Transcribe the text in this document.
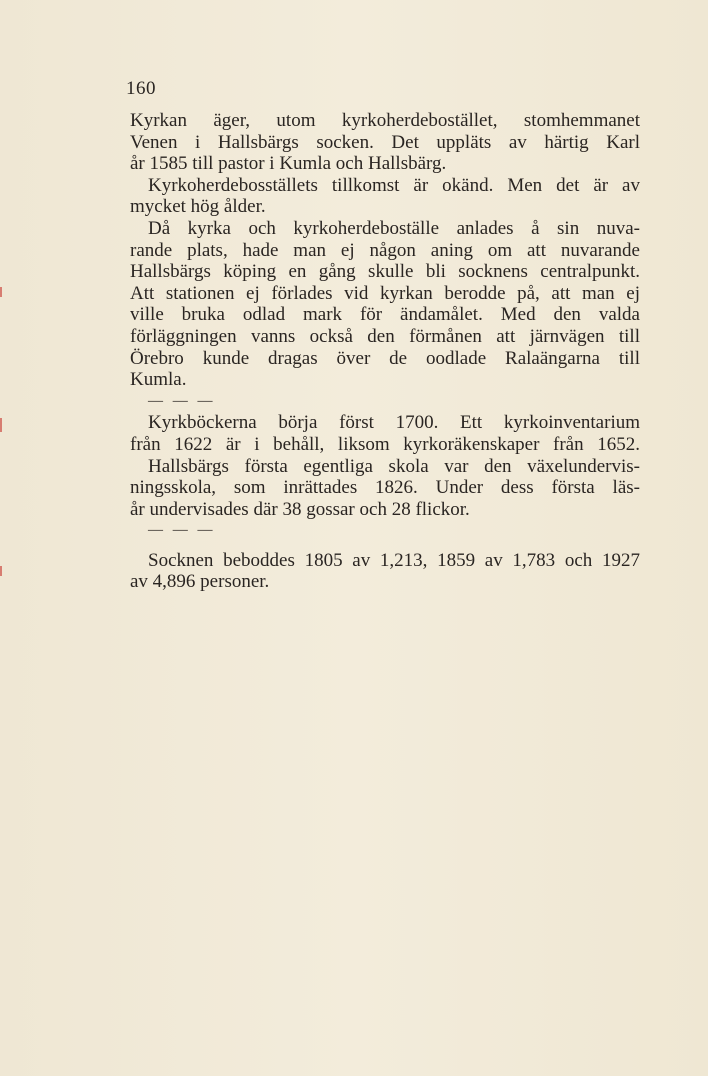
160
Kyrkan äger, utom kyrkoherdebostället, stomhemmanet
Venen i Hallsbärgs socken. Det uppläts av härtig Karl
år 1585 till pastor i Kumla och Hallsbärg.
Kyrkoherdebosställets tillkomst är okänd. Men det är av
mycket hög ålder.
Då kyrka och kyrkoherdeboställe anlades å sin nuva-
rande plats, hade man ej någon aning om att nuvarande
Hallsbärgs köping en gång skulle bli socknens centralpunkt.
Att stationen ej förlades vid kyrkan berodde på, att man ej
ville bruka odlad mark för ändamålet. Med den valda
förläggningen vanns också den förmånen att järnvägen till
Örebro kunde dragas över de oodlade Ralaängarna till
Kumla.
— — —
Kyrkböckerna börja först 1700. Ett kyrkoinventarium
från 1622 är i behåll, liksom kyrkoräkenskaper från 1652.
Hallsbärgs första egentliga skola var den växelundervis-
ningsskola, som inrättades 1826. Under dess första läs-
år undervisades där 38 gossar och 28 flickor.
— — —
Socknen beboddes 1805 av 1,213, 1859 av 1,783 och 1927
av 4,896 personer.
